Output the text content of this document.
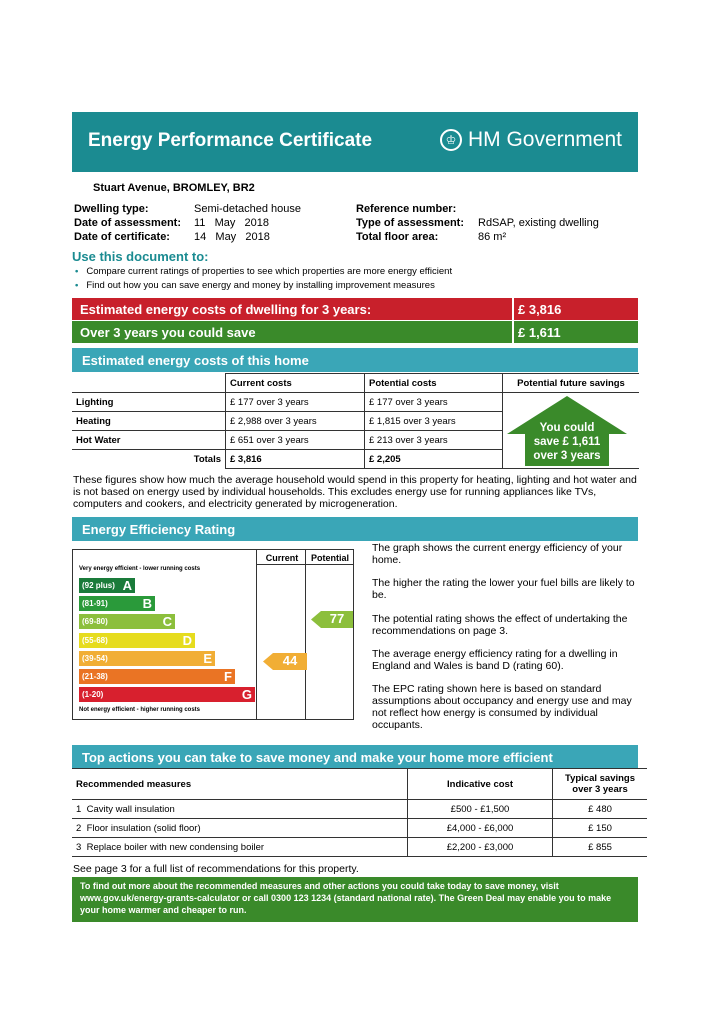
Energy Performance Certificate	♔ HM Government
Stuart Avenue, BROMLEY, BR2
Dwelling type:	Semi-detached house
Date of assessment: 11   May   2018
Date of certificate: 14   May   2018
Reference number:
Type of assessment: RdSAP, existing dwelling
Total floor area:	86 m²
Use this document to:
• Compare current ratings of properties to see which properties are more energy efficient
• Find out how you can save energy and money by installing improvement measures
Estimated energy costs of dwelling for 3 years:	£ 3,816
Over 3 years you could save	£ 1,611
Estimated energy costs of this home
	Current costs	Potential costs	Potential future savings
Lighting	£ 177 over 3 years	£ 177 over 3 years	
Heating	£ 2,988 over 3 years	£ 1,815 over 3 years	
Hot Water	£ 651 over 3 years	£ 213 over 3 years	
Totals	£ 3,816	£ 2,205	
You could
save £ 1,611
over 3 years
These figures show how much the average household would spend in this property for heating, lighting and hot water and is not based on energy used by individual households. This excludes energy use for running appliances like TVs, computers and cookers, and electricity generated by microgeneration.
Energy Efficiency Rating
Current	Potential
Very energy efficient - lower running costs
(92 plus) A
(81-91)	B
(69-80)	C
(55-68)	D
(39-54)	E
(21-38)	F
(1-20)	G
Not energy efficient - higher running costs
44
77
The graph shows the current energy efficiency of your home.
The higher the rating the lower your fuel bills are likely to be.
The potential rating shows the effect of undertaking the recommendations on page 3.
The average energy efficiency rating for a dwelling in England and Wales is band D (rating 60).
The EPC rating shown here is based on standard assumptions about occupancy and energy use and may not reflect how energy is consumed by individual occupants.
Top actions you can take to save money and make your home more efficient
Recommended measures	Indicative cost	Typical savings over 3 years
1 Cavity wall insulation	£500 - £1,500	£ 480
2 Floor insulation (solid floor)	£4,000 - £6,000	£ 150
3 Replace boiler with new condensing boiler	£2,200 - £3,000	£ 855
See page 3 for a full list of recommendations for this property.
To find out more about the recommended measures and other actions you could take today to save money, visit www.gov.uk/energy-grants-calculator or call 0300 123 1234 (standard national rate). The Green Deal may enable you to make your home warmer and cheaper to run.
